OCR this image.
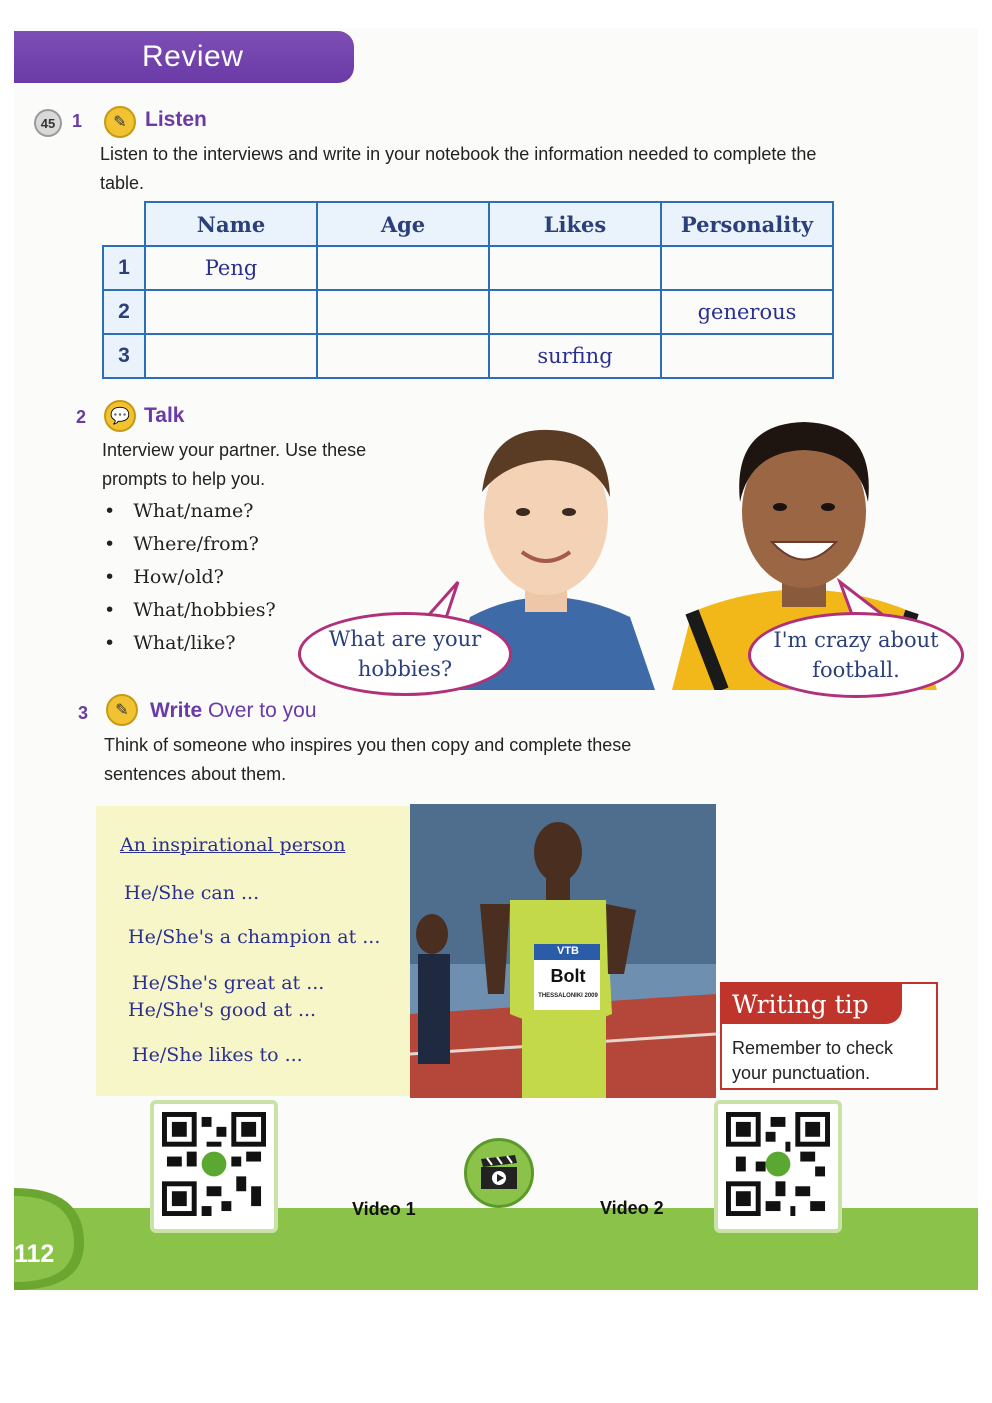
Review
45 1	✎ Listen
Listen to the interviews and write in your notebook the information needed to complete the table.
	Name	Age	Likes	Personality
1	Peng			
2				generous
3			surfing	
2	💬 Talk
Interview your partner. Use these
prompts to help you.
•   What/name?
•   Where/from?
•   How/old?
•   What/hobbies?
•   What/like?	What are your
hobbies?
I'm crazy about
football.
3	✎	Write Over to you
Think of someone who inspires you then copy and complete these sentences about them.
An inspirational person
He/She can ...
He/She's a champion at ...
He/She's great at ...
He/She's good at ...
He/She likes to ...
VTB
Bolt
THESSALONIKI 2009	Writing tip
Remember to check your punctuation.
112
Video 1	Video 2
